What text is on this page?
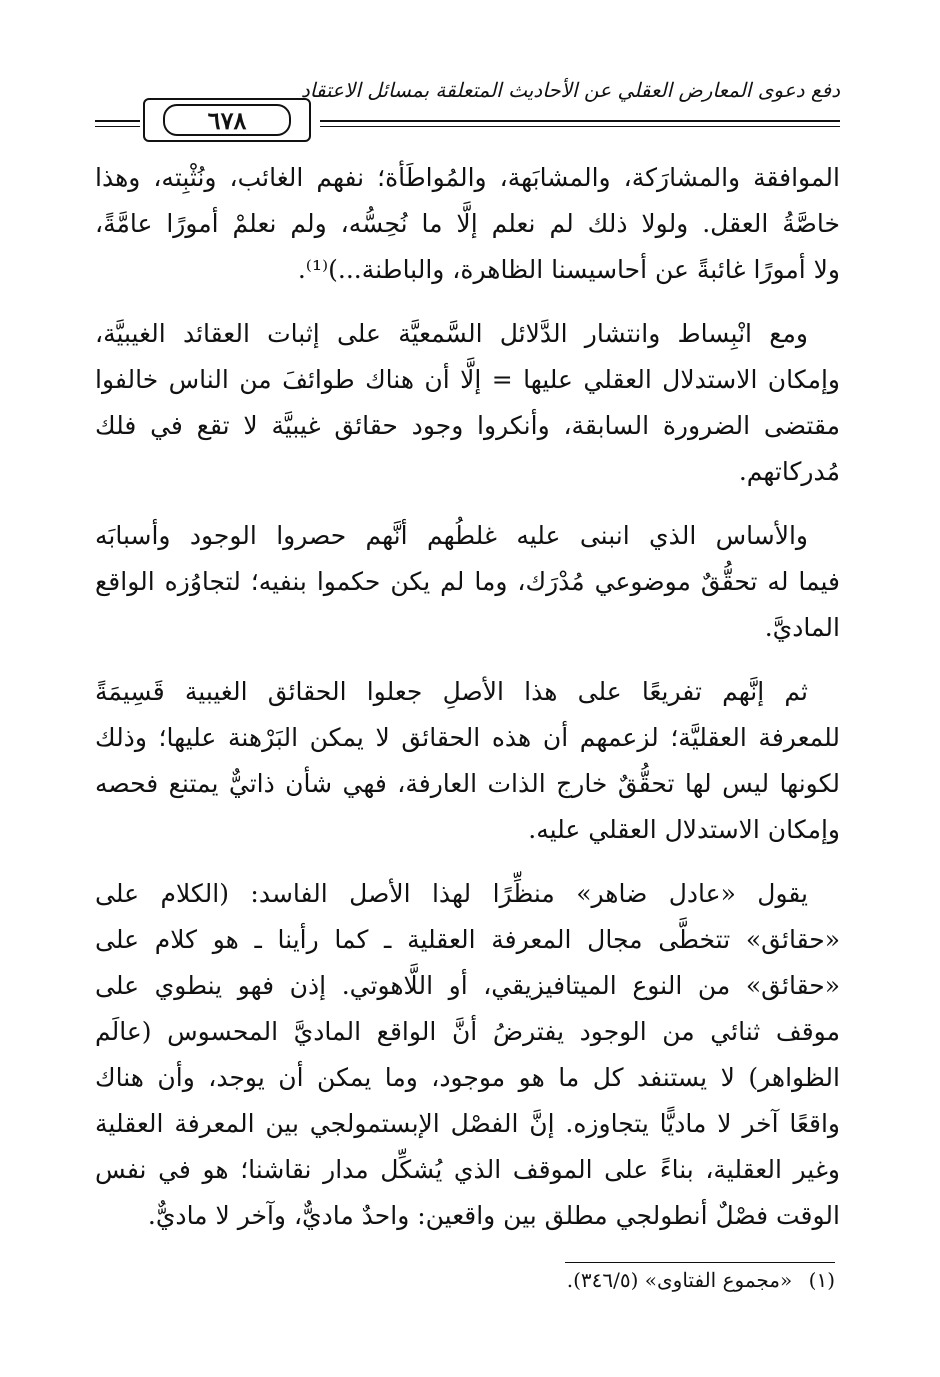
دفع دعوى المعارض العقلي عن الأحاديث المتعلقة بمسائل الاعتقاد
٦٧٨

الموافقة والمشارَكة، والمشابَهة، والمُواطَأة؛ نفهم الغائب، ونُثْبِته، وهذا
خاصَّةُ العقل. ولولا ذلك لم نعلم إلَّا ما نُحِسُّه، ولم نعلمْ أمورًا عامَّةً،
ولا أمورًا غائبةً عن أحاسيسنا الظاهرة، والباطنة...)⁽¹⁾.

ومع انْبِساط وانتشار الدَّلائل السَّمعيَّة على إثبات العقائد الغيبيَّة،
وإمكان الاستدلال العقلي عليها = إلَّا أن هناك طوائفَ من الناس خالفوا
مقتضى الضرورة السابقة، وأنكروا وجود حقائق غيبيَّة لا تقع في فلك
مُدركاتهم.

والأساس الذي انبنى عليه غلطُهم أنَّهم حصروا الوجود وأسبابَه
فيما له تحقُّقٌ موضوعي مُدْرَك، وما لم يكن حكموا بنفيه؛ لتجاوُزه الواقع
الماديَّ.

ثم إنَّهم تفريعًا على هذا الأصلِ جعلوا الحقائق الغيبية قَسِيمَةً
للمعرفة العقليَّة؛ لزعمهم أن هذه الحقائق لا يمكن البَرْهنة عليها؛ وذلك
لكونها ليس لها تحقُّقٌ خارج الذات العارفة، فهي شأن ذاتيٌّ يمتنع فحصه
وإمكان الاستدلال العقلي عليه.

يقول «عادل ضاهر» منظِّرًا لهذا الأصل الفاسد: (الكلام على
«حقائق» تتخطَّى مجال المعرفة العقلية ـ كما رأينا ـ هو كلام على
«حقائق» من النوع الميتافيزيقي، أو اللَّاهوتي. إذن فهو ينطوي على
موقف ثنائي من الوجود يفترضُ أنَّ الواقع الماديَّ المحسوس (عالَم
الظواهر) لا يستنفد كل ما هو موجود، وما يمكن أن يوجد، وأن هناك
واقعًا آخر لا ماديًّا يتجاوزه. إنَّ الفصْل الإبستمولجي بين المعرفة العقلية
وغير العقلية، بناءً على الموقف الذي يُشكِّل مدار نقاشنا؛ هو في نفس
الوقت فصْلٌ أنطولجي مطلق بين واقعين: واحدٌ ماديٌّ، وآخر لا ماديٌّ.

(١) «مجموع الفتاوى» (٣٤٦/٥).
